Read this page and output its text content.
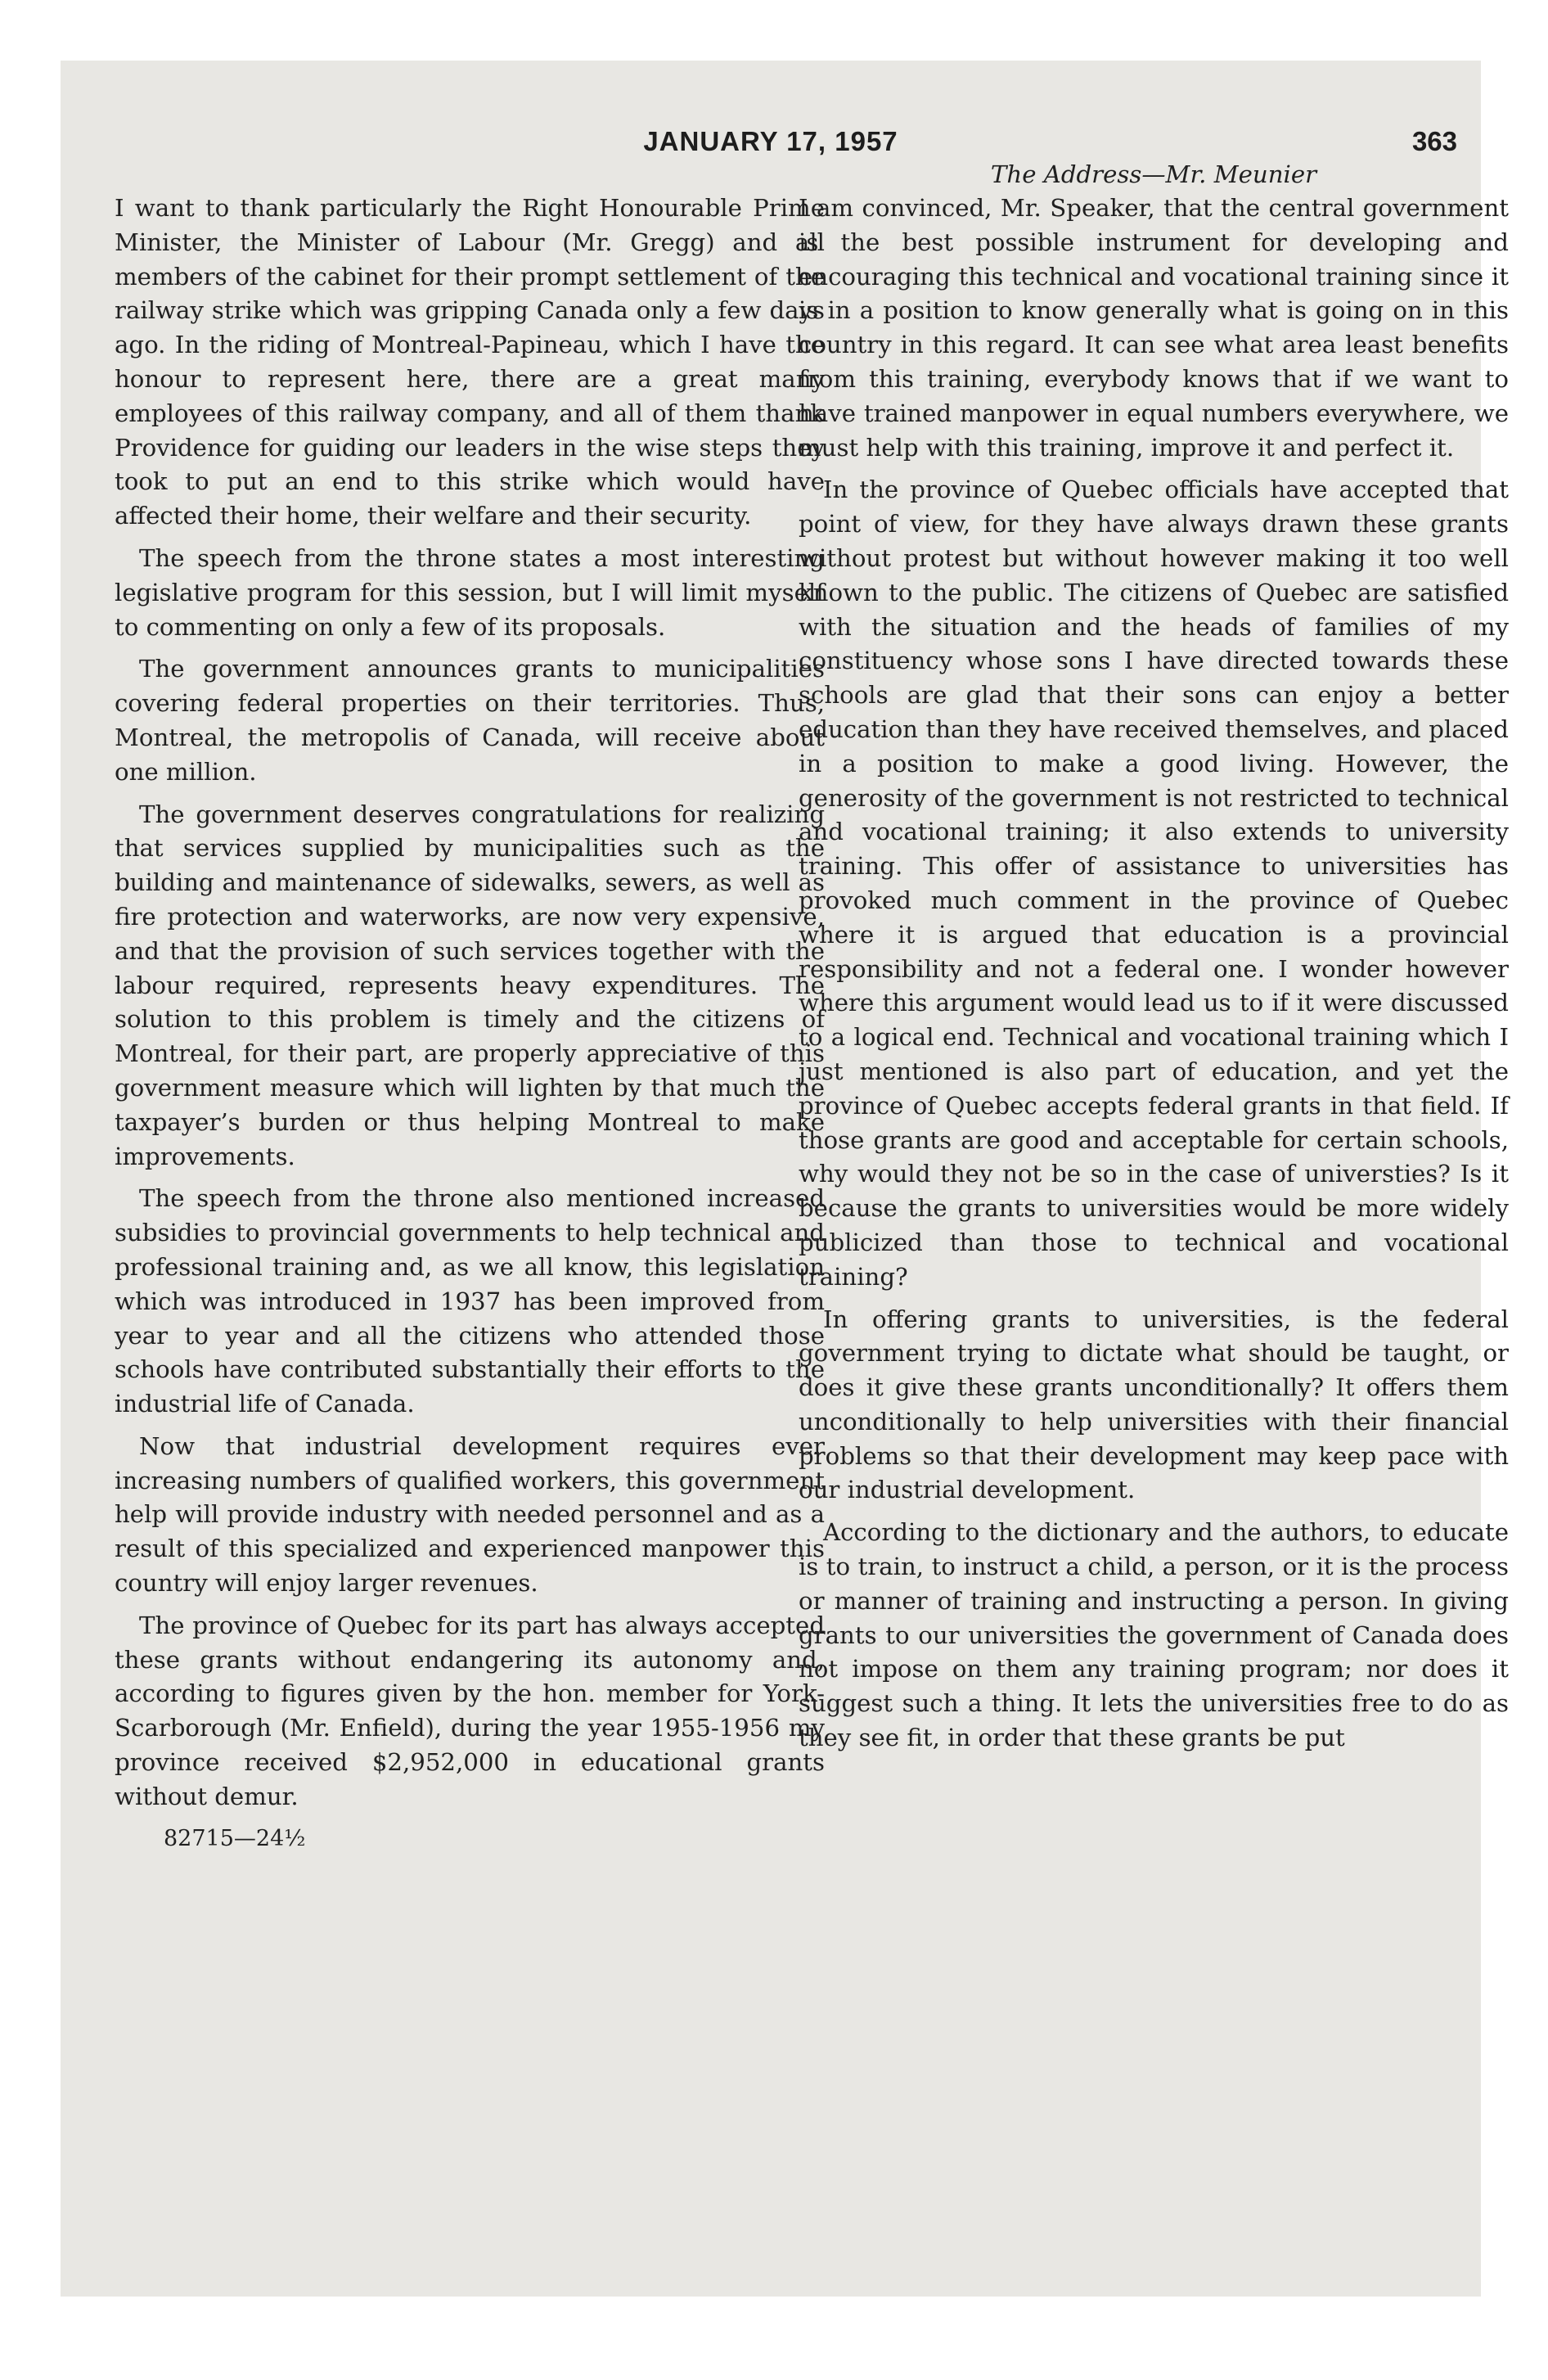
JANUARY 17, 1957	363

I want to thank particularly the Right Honourable Prime Minister, the Minister of Labour (Mr. Gregg) and all members of the cabinet for their prompt settlement of the railway strike which was gripping Canada only a few days ago. In the riding of Montreal-Papineau, which I have the honour to represent here, there are a great many employees of this railway company, and all of them thank Providence for guiding our leaders in the wise steps they took to put an end to this strike which would have affected their home, their welfare and their security.

The speech from the throne states a most interesting legislative program for this session, but I will limit myself to commenting on only a few of its proposals.

The government announces grants to municipalities covering federal properties on their territories. Thus, Montreal, the metropolis of Canada, will receive about one million.

The government deserves congratulations for realizing that services supplied by municipalities such as the building and maintenance of sidewalks, sewers, as well as fire protection and waterworks, are now very expensive, and that the provision of such services together with the labour required, represents heavy expenditures. The solution to this problem is timely and the citizens of Montreal, for their part, are properly appreciative of this government measure which will lighten by that much the taxpayer’s burden or thus helping Montreal to make improvements.

The speech from the throne also mentioned increased subsidies to provincial governments to help technical and professional training and, as we all know, this legislation which was introduced in 1937 has been improved from year to year and all the citizens who attended those schools have contributed substantially their efforts to the industrial life of Canada.

Now that industrial development requires ever increasing numbers of qualified workers, this government help will provide industry with needed personnel and as a result of this specialized and experienced manpower this country will enjoy larger revenues.

The province of Quebec for its part has always accepted these grants without endangering its autonomy and, according to figures given by the hon. member for York-Scarborough (Mr. Enfield), during the year 1955-1956 my province received $2,952,000 in educational grants without demur.

82715—24½
The Address—Mr. Meunier

I am convinced, Mr. Speaker, that the central government is the best possible instrument for developing and encouraging this technical and vocational training since it is in a position to know generally what is going on in this country in this regard. It can see what area least benefits from this training, everybody knows that if we want to have trained manpower in equal numbers everywhere, we must help with this training, improve it and perfect it.

In the province of Quebec officials have accepted that point of view, for they have always drawn these grants without protest but without however making it too well known to the public. The citizens of Quebec are satisfied with the situation and the heads of families of my constituency whose sons I have directed towards these schools are glad that their sons can enjoy a better education than they have received themselves, and placed in a position to make a good living. However, the generosity of the government is not restricted to technical and vocational training; it also extends to university training. This offer of assistance to universities has provoked much comment in the province of Quebec where it is argued that education is a provincial responsibility and not a federal one. I wonder however where this argument would lead us to if it were discussed to a logical end. Technical and vocational training which I just mentioned is also part of education, and yet the province of Quebec accepts federal grants in that field. If those grants are good and acceptable for certain schools, why would they not be so in the case of universties? Is it because the grants to universities would be more widely publicized than those to technical and vocational training?

In offering grants to universities, is the federal government trying to dictate what should be taught, or does it give these grants unconditionally? It offers them unconditionally to help universities with their financial problems so that their development may keep pace with our industrial development.

According to the dictionary and the authors, to educate is to train, to instruct a child, a person, or it is the process or manner of training and instructing a person. In giving grants to our universities the government of Canada does not impose on them any training program; nor does it suggest such a thing. It lets the universities free to do as they see fit, in order that these grants be put
